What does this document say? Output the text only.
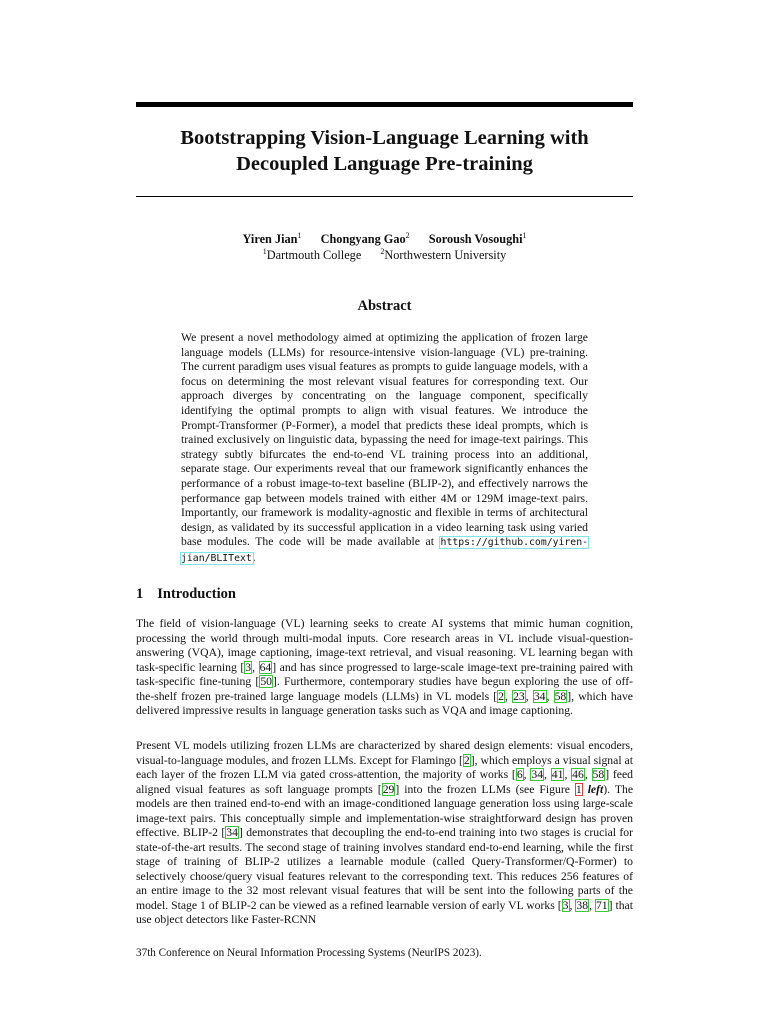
Bootstrapping Vision-Language Learning with
Decoupled Language Pre-training
Yiren Jian$^1$ Chongyang Gao$^2$ Soroush Vosoughi$^1$
$^1$Dartmouth College $^2$Northwestern University
Abstract
We present a novel methodology aimed at optimizing the application of frozen large language models (LLMs) for resource-intensive vision-language (VL) pre-training. The current paradigm uses visual features as prompts to guide language models, with a focus on determining the most relevant visual features for corresponding text. Our approach diverges by concentrating on the language component, specifically identifying the optimal prompts to align with visual features. We introduce the Prompt-Transformer (P-Former), a model that predicts these ideal prompts, which is trained exclusively on linguistic data, bypassing the need for image-text pairings. This strategy subtly bifurcates the end-to-end VL training process into an additional, separate stage. Our experiments reveal that our framework significantly enhances the performance of a robust image-to-text baseline (BLIP-2), and effectively narrows the performance gap between models trained with either 4M or 129M image-text pairs. Importantly, our framework is modality-agnostic and flexible in terms of architectural design, as validated by its successful application in a video learning task using varied base modules. The code will be made available at https://github.com/yiren-jian/BLIText.
1 Introduction
The field of vision-language (VL) learning seeks to create AI systems that mimic human cognition, processing the world through multi-modal inputs. Core research areas in VL include visual-question-answering (VQA), image captioning, image-text retrieval, and visual reasoning. VL learning began with task-specific learning [3, 64] and has since progressed to large-scale image-text pre-training paired with task-specific fine-tuning [50]. Furthermore, contemporary studies have begun exploring the use of off-the-shelf frozen pre-trained large language models (LLMs) in VL models [2, 23, 34, 58], which have delivered impressive results in language generation tasks such as VQA and image captioning.
Present VL models utilizing frozen LLMs are characterized by shared design elements: visual encoders, visual-to-language modules, and frozen LLMs. Except for Flamingo [2], which employs a visual signal at each layer of the frozen LLM via gated cross-attention, the majority of works [6, 34, 41, 46, 58] feed aligned visual features as soft language prompts [29] into the frozen LLMs (see Figure 1 left). The models are then trained end-to-end with an image-conditioned language generation loss using large-scale image-text pairs. This conceptually simple and implementation-wise straightforward design has proven effective. BLIP-2 [34] demonstrates that decoupling the end-to-end training into two stages is crucial for state-of-the-art results. The second stage of training involves standard end-to-end learning, while the first stage of training of BLIP-2 utilizes a learnable module (called Query-Transformer/Q-Former) to selectively choose/query visual features relevant to the corresponding text. This reduces 256 features of an entire image to the 32 most relevant visual features that will be sent into the following parts of the model. Stage 1 of BLIP-2 can be viewed as a refined learnable version of early VL works [3, 38, 71] that use object detectors like Faster-RCNN
37th Conference on Neural Information Processing Systems (NeurIPS 2023).
